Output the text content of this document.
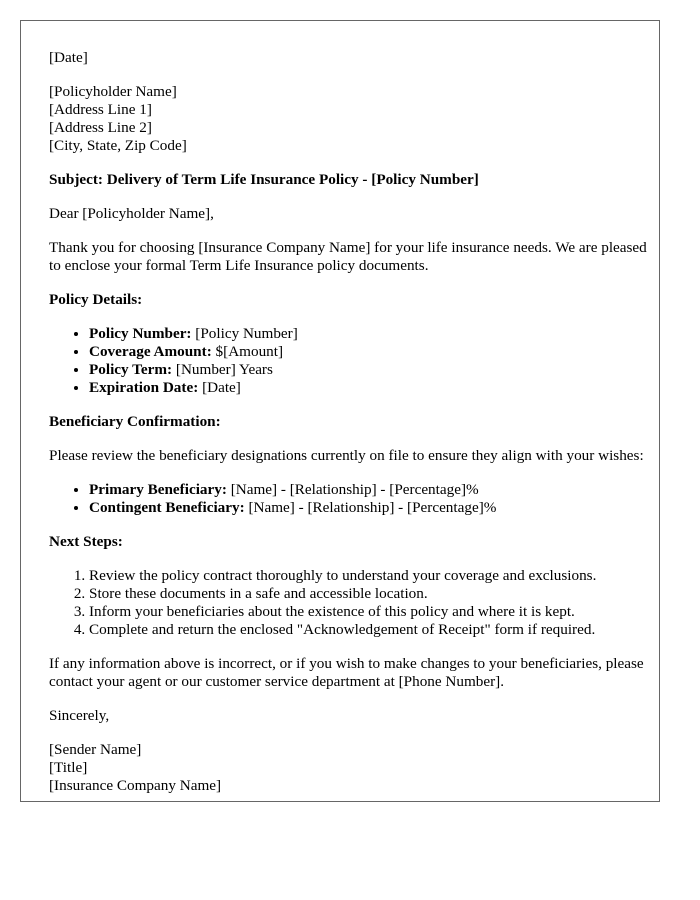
[Date]

[Policyholder Name]
[Address Line 1]
[Address Line 2]
[City, State, Zip Code]

Subject: Delivery of Term Life Insurance Policy - [Policy Number]

Dear [Policyholder Name],

Thank you for choosing [Insurance Company Name] for your life insurance needs. We are pleased to enclose your formal Term Life Insurance policy documents.

Policy Details:

• Policy Number: [Policy Number]
• Coverage Amount: $[Amount]
• Policy Term: [Number] Years
• Expiration Date: [Date]

Beneficiary Confirmation:

Please review the beneficiary designations currently on file to ensure they align with your wishes:

• Primary Beneficiary: [Name] - [Relationship] - [Percentage]%
• Contingent Beneficiary: [Name] - [Relationship] - [Percentage]%

Next Steps:

1. Review the policy contract thoroughly to understand your coverage and exclusions.
2. Store these documents in a safe and accessible location.
3. Inform your beneficiaries about the existence of this policy and where it is kept.
4. Complete and return the enclosed "Acknowledgement of Receipt" form if required.

If any information above is incorrect, or if you wish to make changes to your beneficiaries, please contact your agent or our customer service department at [Phone Number].

Sincerely,

[Sender Name]
[Title]
[Insurance Company Name]
